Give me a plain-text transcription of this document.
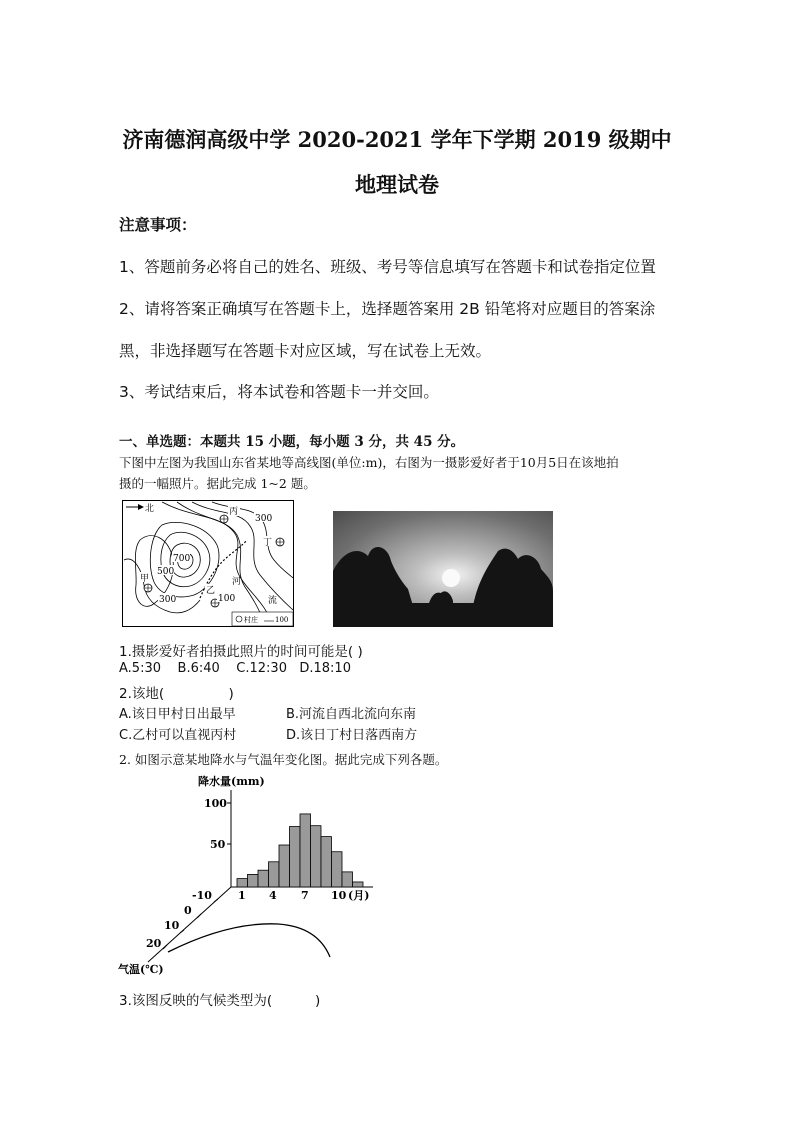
济南德润高级中学 2020-2021 学年下学期 2019 级期中
地理试卷
注意事项：
1、答题前务必将自己的姓名、班级、考号等信息填写在答题卡和试卷指定位置
2、请将答案正确填写在答题卡上，选择题答案用 2B 铅笔将对应题目的答案涂
黑，非选择题写在答题卡对应区域，写在试卷上无效。
3、考试结束后，将本试卷和答题卡一并交回。
一、单选题：本题共 15 小题，每小题 3 分，共 45 分。
下图中左图为我国山东省某地等高线图(单位:m)，右图为一摄影爱好者于10月5日在该地拍
摄的一幅照片。据此完成 1~2 题。
北	丙
300
丁
700
500
甲
300
乙
河
100	流
村庄 100
1.摄影爱好者拍摄此照片的时间可能是( )
A.5:30    B.6:40    C.12:30   D.18:10
2.该地(               )
A.该日甲村日出最早	B.河流自西北流向东南
C.乙村可以直视丙村	D.该日丁村日落西南方
2. 如图示意某地降水与气温年变化图。据此完成下列各题。
降水量(mm)
100
50
1 4 7 10 (月)
-10
0
10
20
气温(℃)
3.该图反映的气候类型为(          )
